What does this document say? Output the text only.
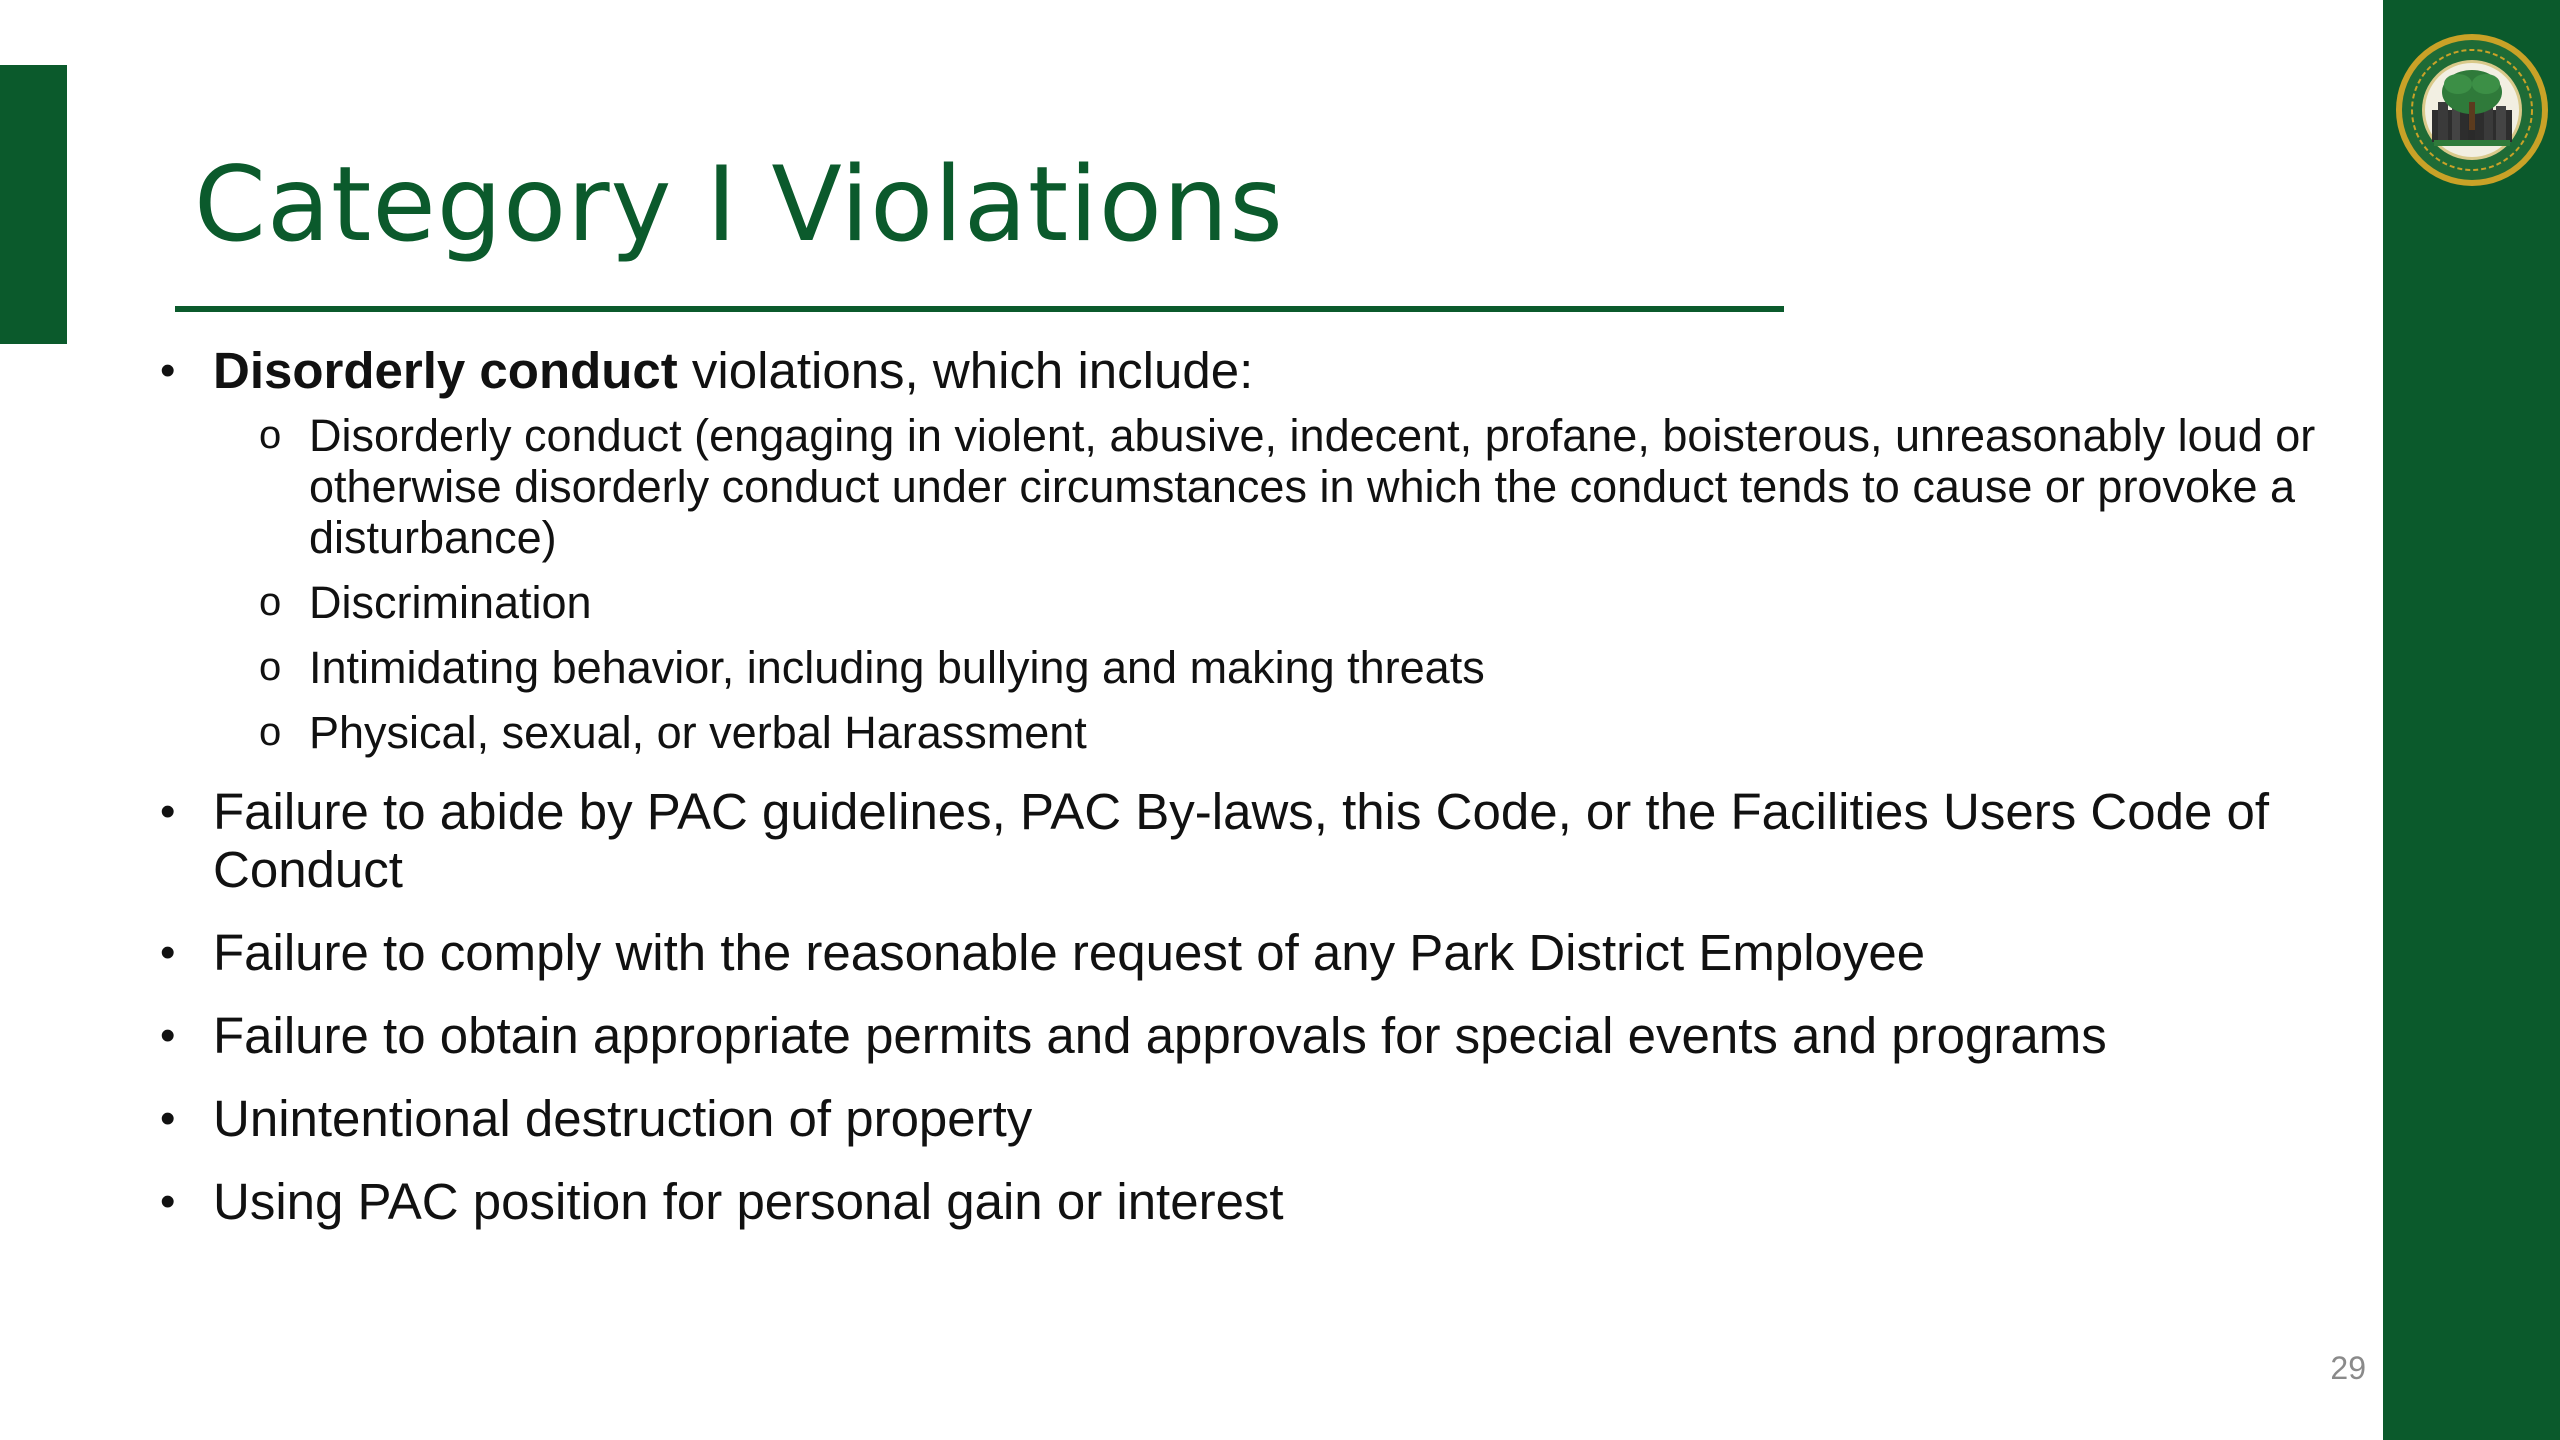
Category I Violations
• Disorderly conduct violations, which include:
o Disorderly conduct (engaging in violent, abusive, indecent, profane, boisterous, unreasonably loud or otherwise disorderly conduct under circumstances in which the conduct tends to cause or provoke a disturbance)
o Discrimination
o Intimidating behavior, including bullying and making threats
o Physical, sexual, or verbal Harassment
• Failure to abide by PAC guidelines, PAC By-laws, this Code, or the Facilities Users Code of Conduct
• Failure to comply with the reasonable request of any Park District Employee
• Failure to obtain appropriate permits and approvals for special events and programs
• Unintentional destruction of property
• Using PAC position for personal gain or interest
29
